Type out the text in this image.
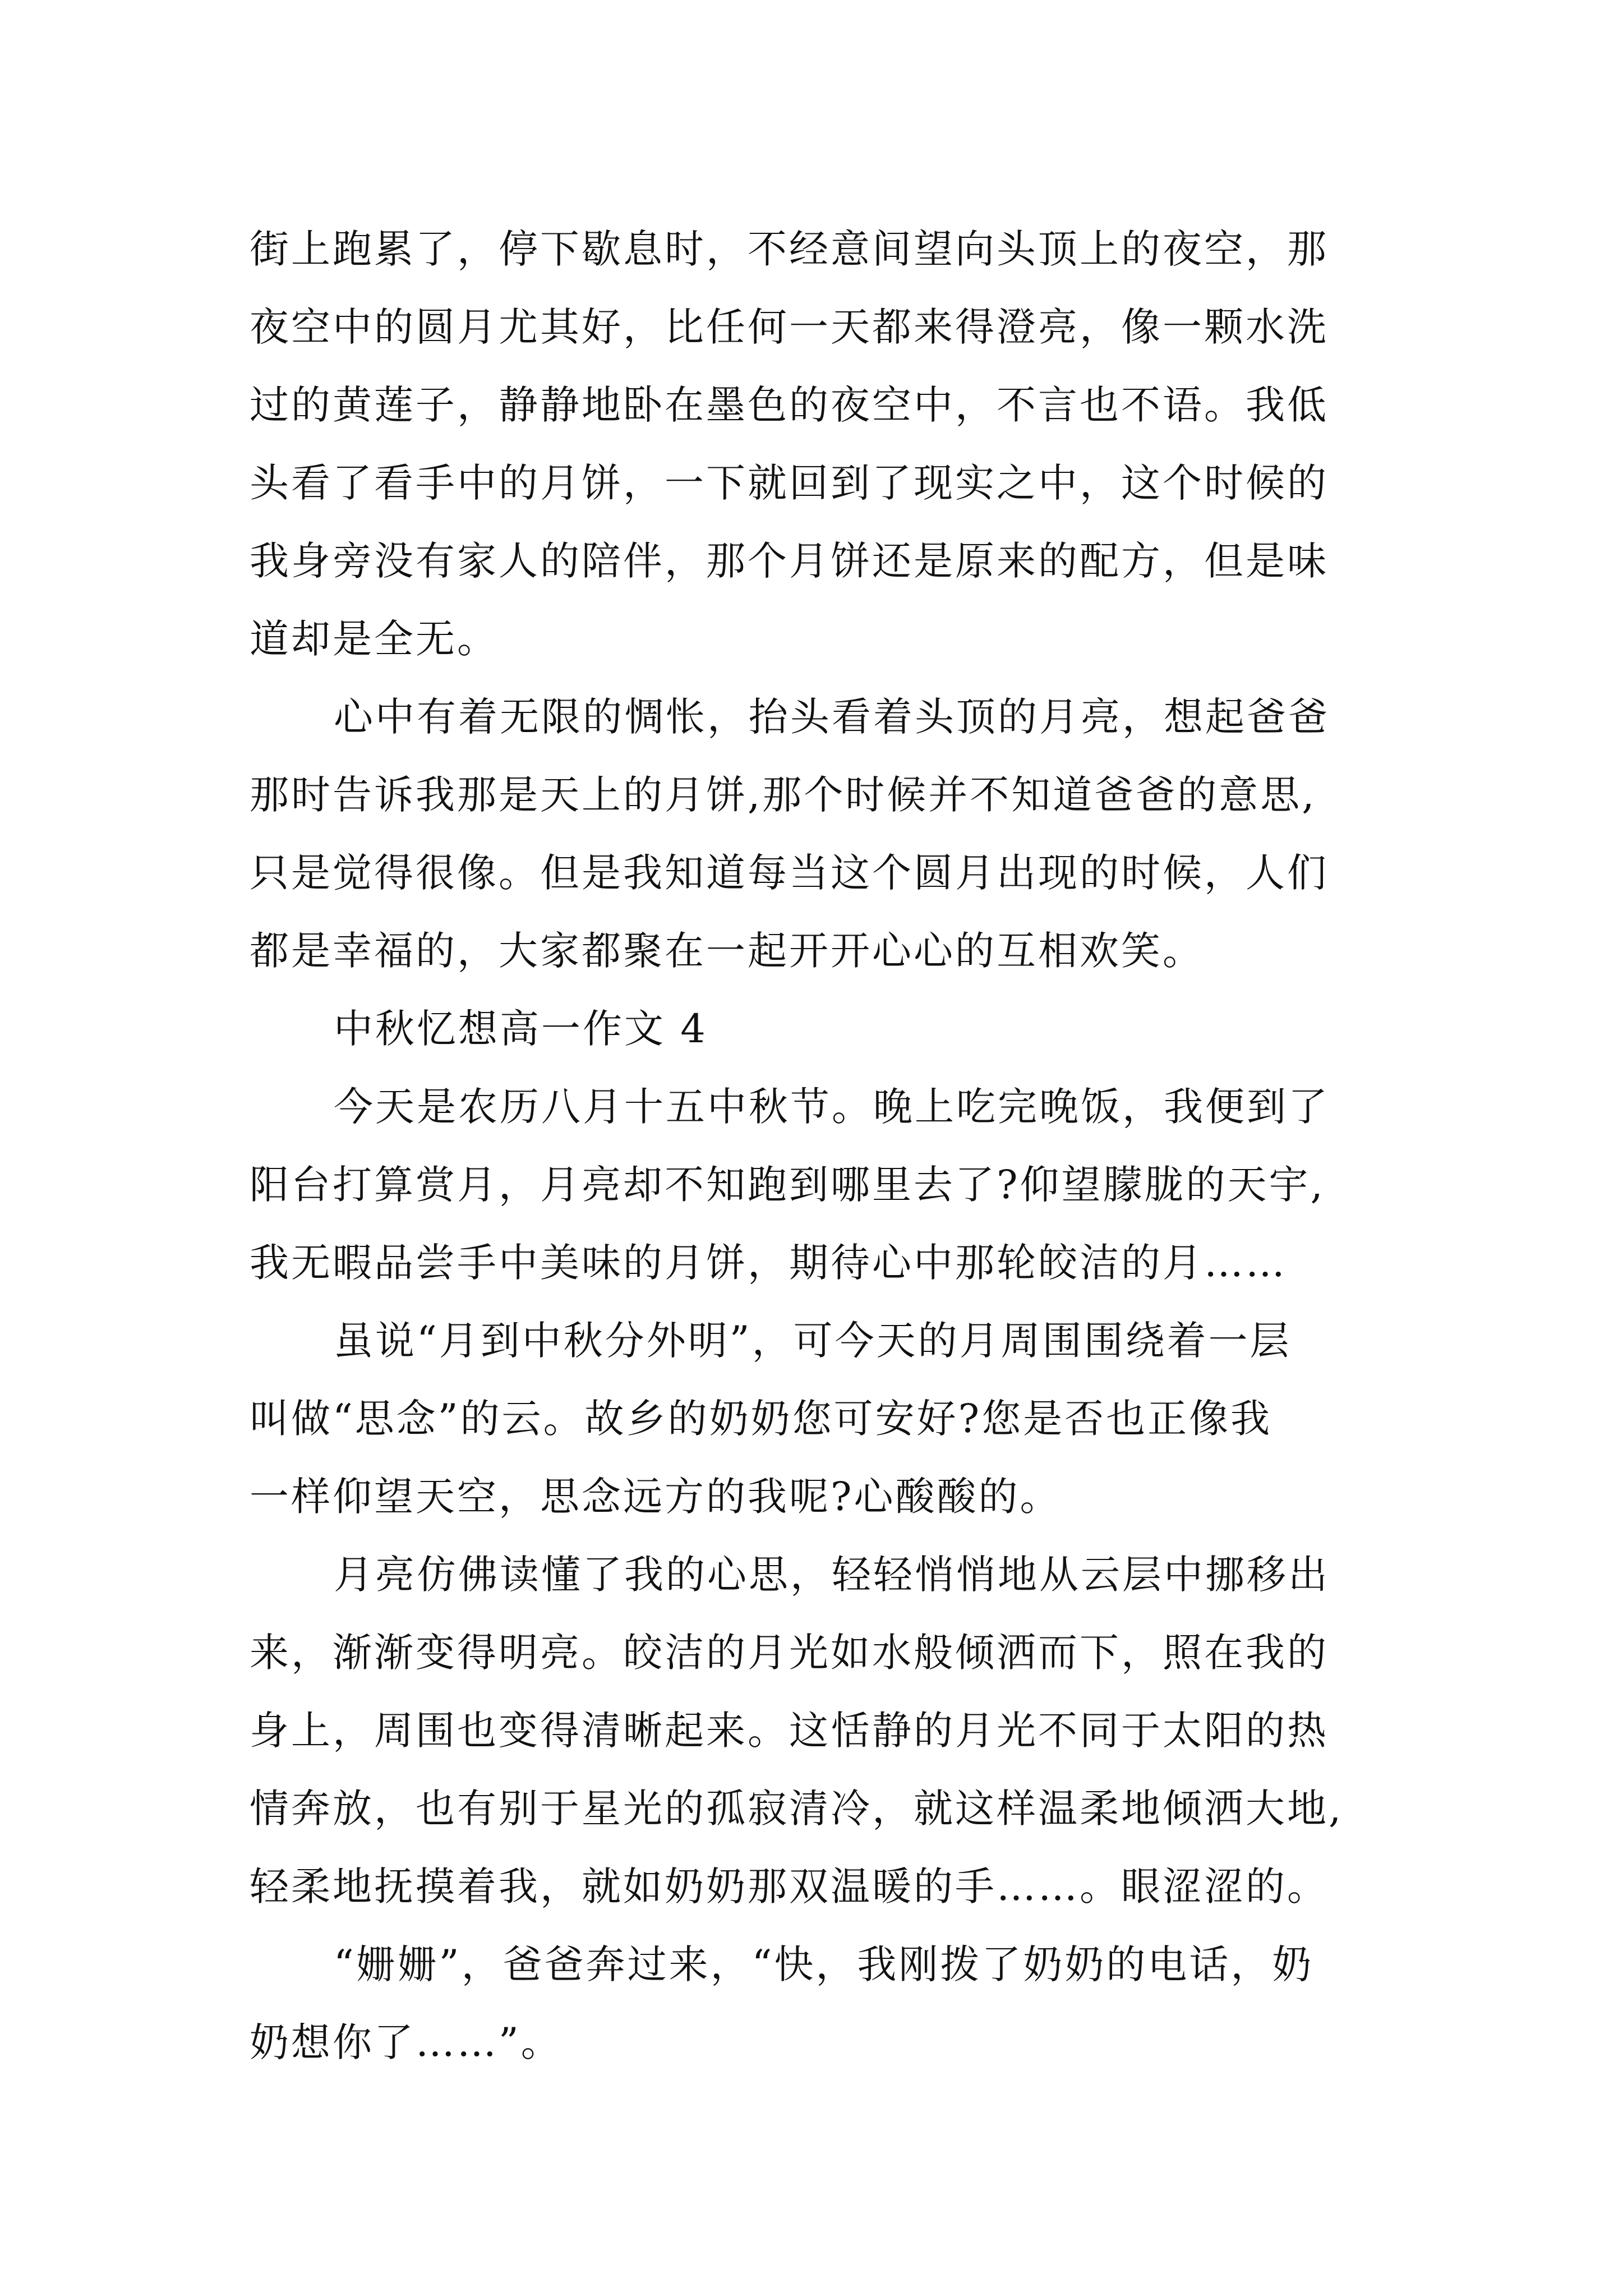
街上跑累了，停下歇息时，不经意间望向头顶上的夜空，那
夜空中的圆月尤其好，比任何一天都来得澄亮，像一颗水洗
过的黄莲子，静静地卧在墨色的夜空中，不言也不语。我低
头看了看手中的月饼，一下就回到了现实之中，这个时候的
我身旁没有家人的陪伴，那个月饼还是原来的配方，但是味
道却是全无。
心中有着无限的惆怅，抬头看着头顶的月亮，想起爸爸
那时告诉我那是天上的月饼,那个时候并不知道爸爸的意思,
只是觉得很像。但是我知道每当这个圆月出现的时候，人们
都是幸福的，大家都聚在一起开开心心的互相欢笑。
中秋忆想高一作文 4
今天是农历八月十五中秋节。晚上吃完晚饭，我便到了
阳台打算赏月，月亮却不知跑到哪里去了?仰望朦胧的天宇,
我无暇品尝手中美味的月饼，期待心中那轮皎洁的月……
虽说“月到中秋分外明”，可今天的月周围围绕着一层
叫做“思念”的云。故乡的奶奶您可安好?您是否也正像我
一样仰望天空，思念远方的我呢?心酸酸的。
月亮仿佛读懂了我的心思，轻轻悄悄地从云层中挪移出
来，渐渐变得明亮。皎洁的月光如水般倾洒而下，照在我的
身上，周围也变得清晰起来。这恬静的月光不同于太阳的热
情奔放，也有别于星光的孤寂清冷，就这样温柔地倾洒大地,
轻柔地抚摸着我，就如奶奶那双温暖的手……。眼涩涩的。
“姗姗”，爸爸奔过来，“快，我刚拨了奶奶的电话，奶
奶想你了……”。
